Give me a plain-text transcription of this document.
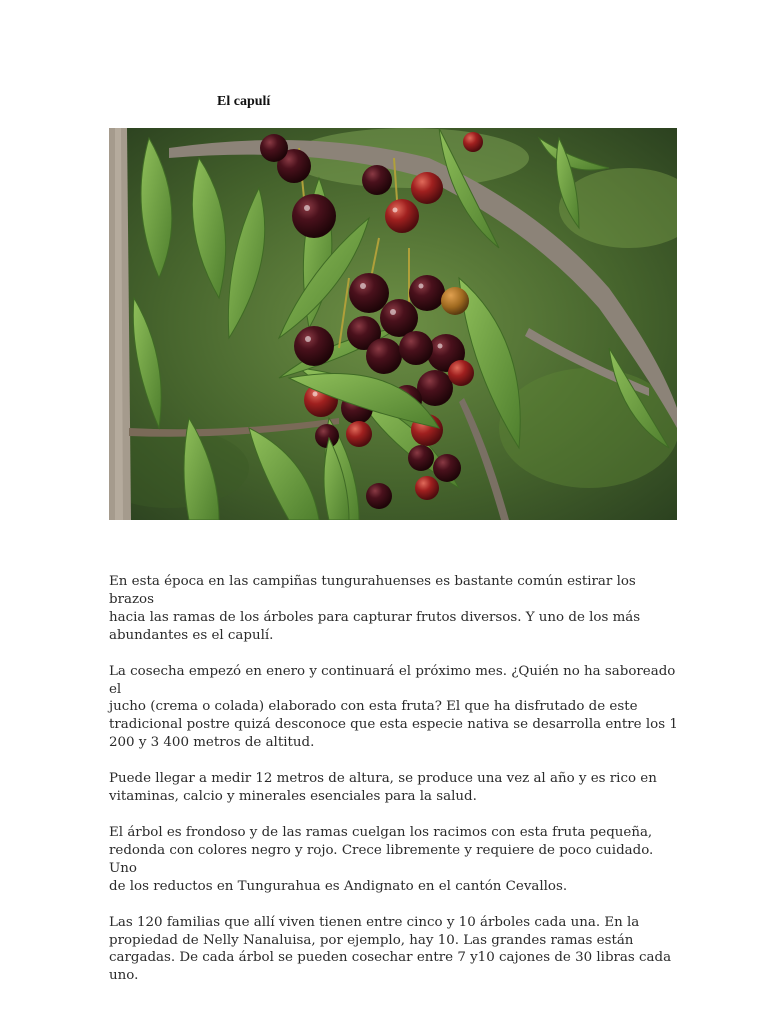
El capulí

En esta época en las campiñas tungurahuenses es bastante común estirar los brazos
hacia las ramas de los árboles para capturar frutos diversos. Y uno de los más
abundantes es el capulí.

La cosecha empezó en enero y continuará el próximo mes. ¿Quién no ha saboreado el
jucho (crema o colada) elaborado con esta fruta? El que ha disfrutado de este
tradicional postre quizá desconoce que esta especie nativa se desarrolla entre los 1
200 y 3 400 metros de altitud.

Puede llegar a medir 12 metros de altura, se produce una vez al año y es rico en
vitaminas, calcio y minerales esenciales para la salud.

El árbol es frondoso y de las ramas cuelgan los racimos con esta fruta pequeña,
redonda con colores negro y rojo. Crece libremente y requiere de poco cuidado. Uno
de los reductos en Tungurahua es Andignato en el cantón Cevallos.

Las 120 familias que allí viven tienen entre cinco y 10 árboles cada una. En la
propiedad de Nelly Nanaluisa, por ejemplo, hay 10. Las grandes ramas están
cargadas. De cada árbol se pueden cosechar entre 7 y10 cajones de 30 libras cada uno.
